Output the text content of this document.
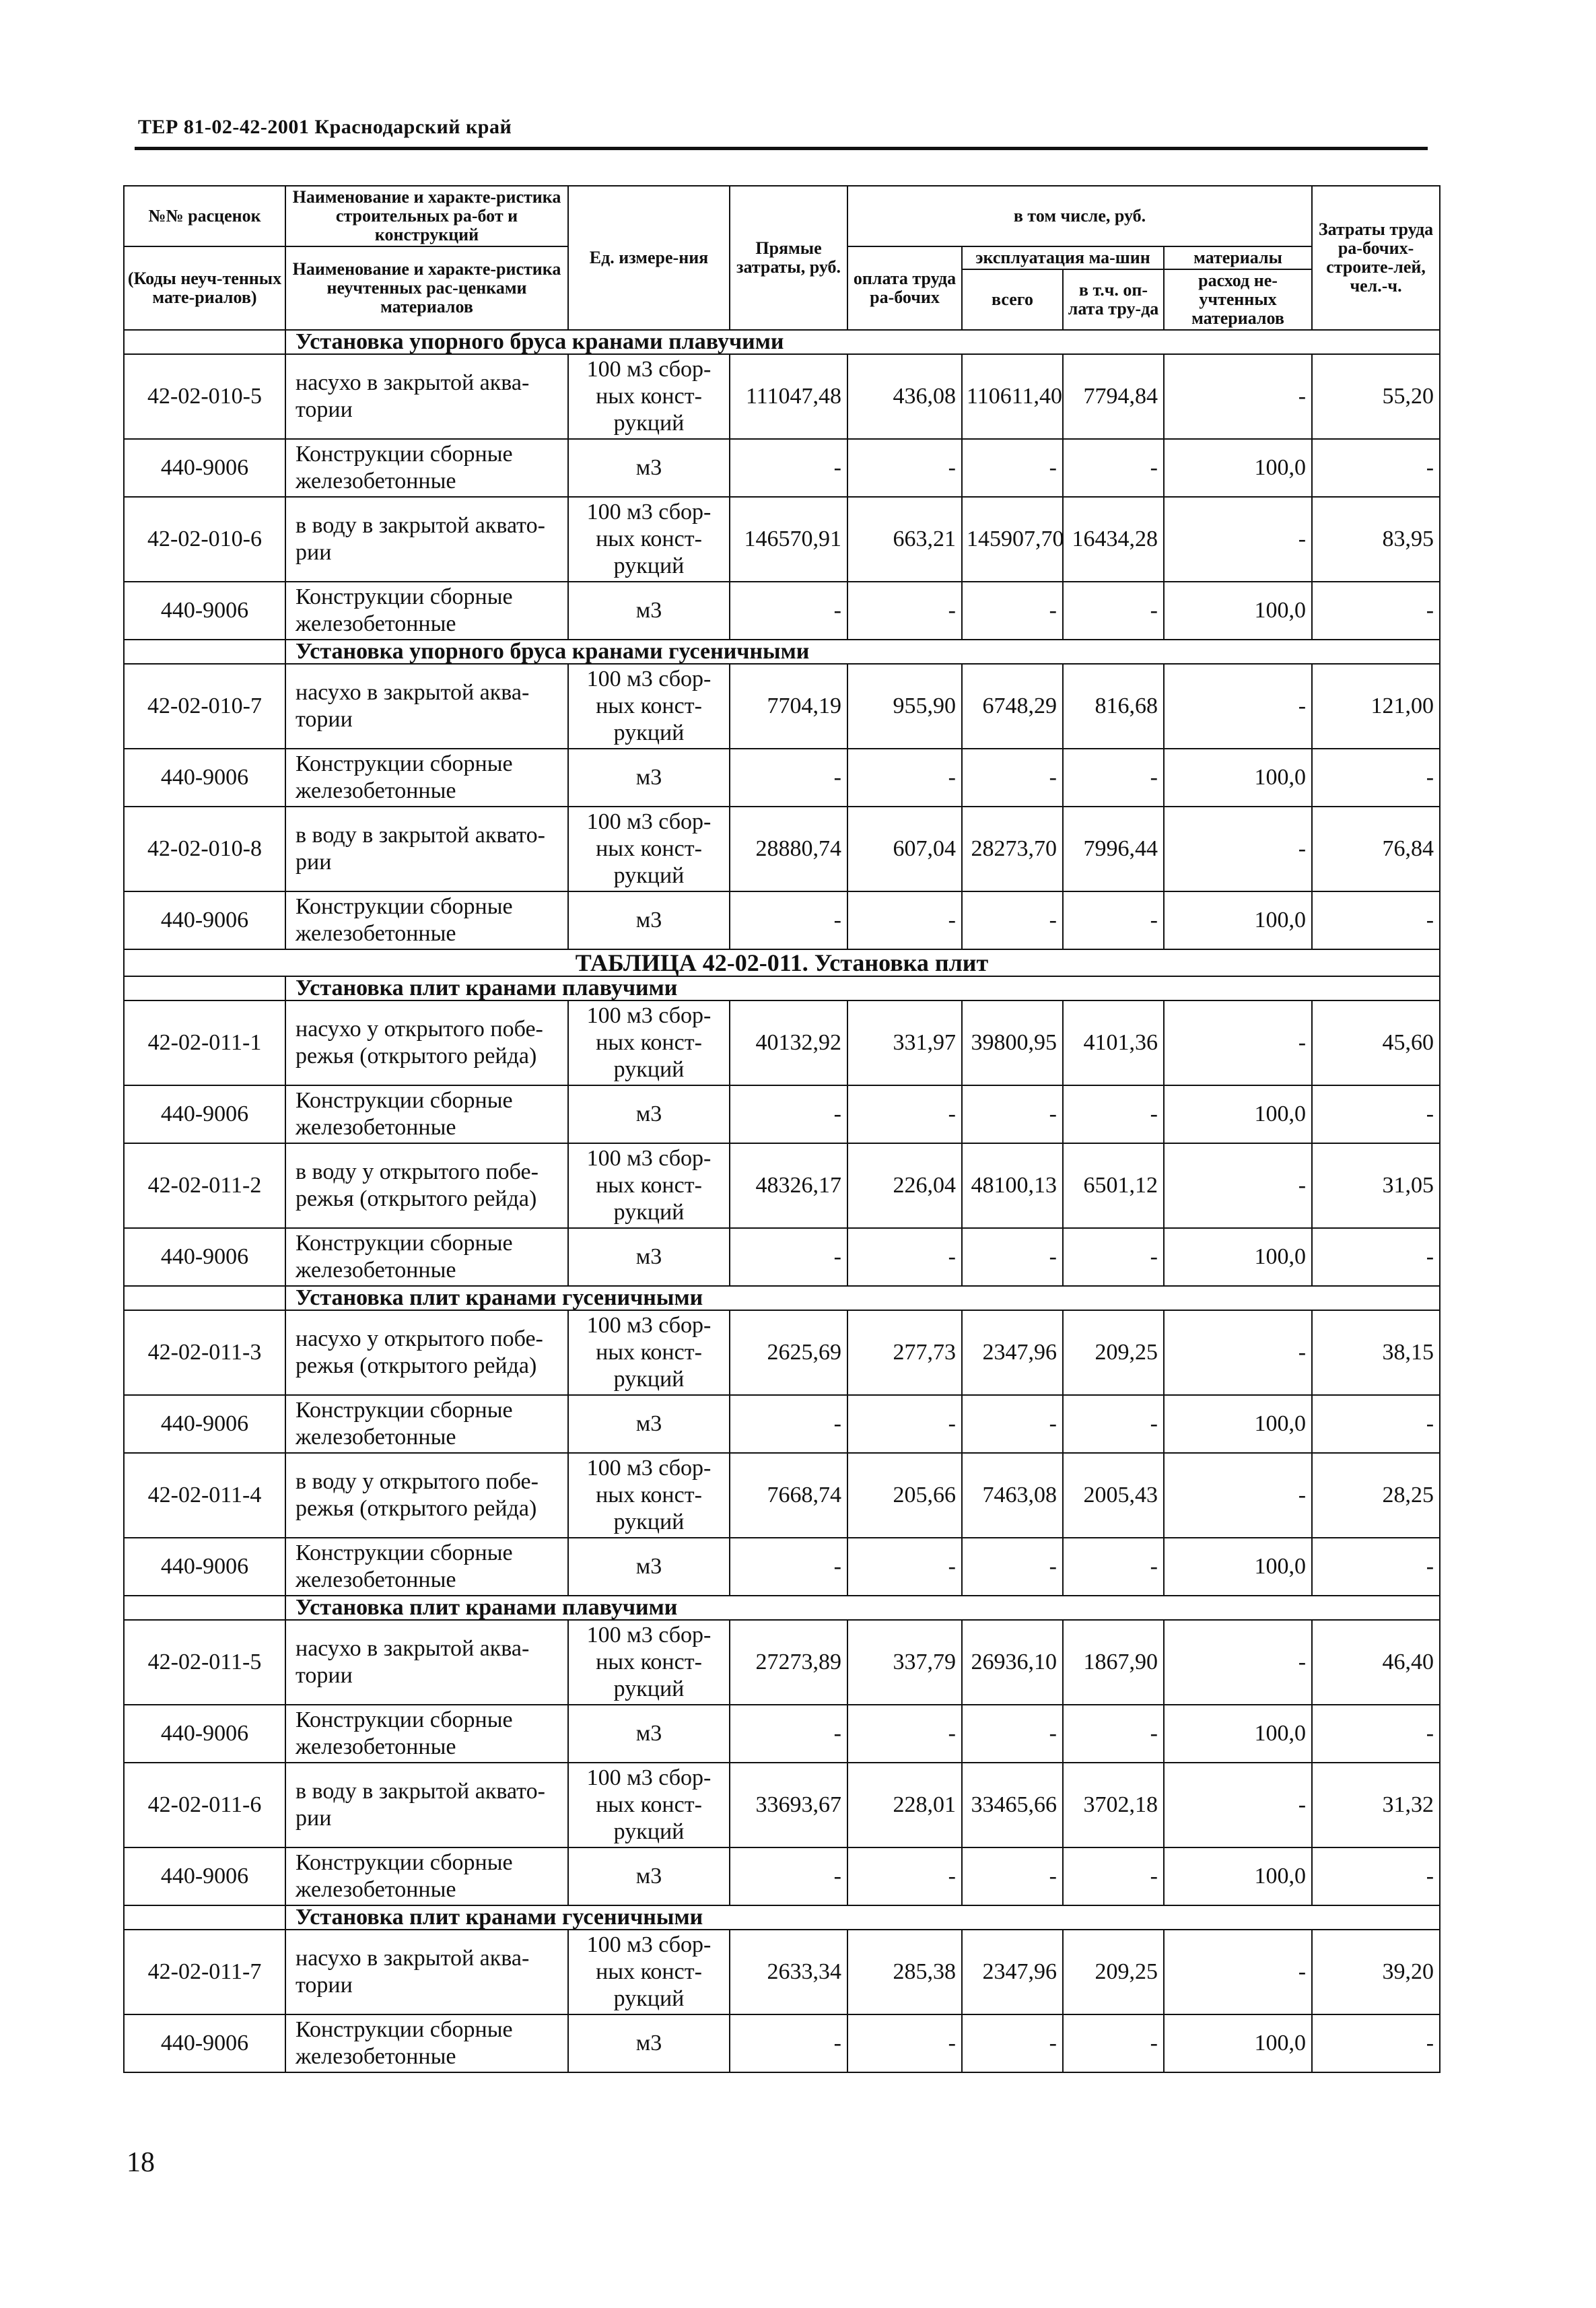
ТЕР 81-02-42-2001 Краснодарский край
№№ расценок	Наименование и характе-ристика строительных ра-бот и конструкций	Ед. измере-ния	Прямые затраты, руб.	в том числе, руб.				Затраты труда ра-бочих-строите-лей, чел.-ч.
(Коды неуч-тенных мате-риалов)	Наименование и характе-ристика неучтенных рас-ценками материалов			оплата труда ра-бочих	эксплуатация ма-шин		материалы	
					всего	в т.ч. оп-лата тру-да	расход не-учтенных материалов	
	Установка упорного бруса кранами плавучими							
42-02-010-5	насухо в закрытой аква-тории	100 м3 сбор-ных конст-рукций	111047,48	436,08	110611,40	7794,84	-	55,20
440-9006	Конструкции сборные железобетонные	м3	-	-	-	-	100,0	-
42-02-010-6	в воду в закрытой аквато-рии	100 м3 сбор-ных конст-рукций	146570,91	663,21	145907,70	16434,28	-	83,95
440-9006	Конструкции сборные железобетонные	м3	-	-	-	-	100,0	-
	Установка упорного бруса кранами гусеничными							
42-02-010-7	насухо в закрытой аква-тории	100 м3 сбор-ных конст-рукций	7704,19	955,90	6748,29	816,68	-	121,00
440-9006	Конструкции сборные железобетонные	м3	-	-	-	-	100,0	-
42-02-010-8	в воду в закрытой аквато-рии	100 м3 сбор-ных конст-рукций	28880,74	607,04	28273,70	7996,44	-	76,84
440-9006	Конструкции сборные железобетонные	м3	-	-	-	-	100,0	-
ТАБЛИЦА 42-02-011. Установка плит								
	Установка плит кранами плавучими							
42-02-011-1	насухо у открытого побе-режья (открытого рейда)	100 м3 сбор-ных конст-рукций	40132,92	331,97	39800,95	4101,36	-	45,60
440-9006	Конструкции сборные железобетонные	м3	-	-	-	-	100,0	-
42-02-011-2	в воду у открытого побе-режья (открытого рейда)	100 м3 сбор-ных конст-рукций	48326,17	226,04	48100,13	6501,12	-	31,05
440-9006	Конструкции сборные железобетонные	м3	-	-	-	-	100,0	-
	Установка плит кранами гусеничными							
42-02-011-3	насухо у открытого побе-режья (открытого рейда)	100 м3 сбор-ных конст-рукций	2625,69	277,73	2347,96	209,25	-	38,15
440-9006	Конструкции сборные железобетонные	м3	-	-	-	-	100,0	-
42-02-011-4	в воду у открытого побе-режья (открытого рейда)	100 м3 сбор-ных конст-рукций	7668,74	205,66	7463,08	2005,43	-	28,25
440-9006	Конструкции сборные железобетонные	м3	-	-	-	-	100,0	-
	Установка плит кранами плавучими							
42-02-011-5	насухо в закрытой аква-тории	100 м3 сбор-ных конст-рукций	27273,89	337,79	26936,10	1867,90	-	46,40
440-9006	Конструкции сборные железобетонные	м3	-	-	-	-	100,0	-
42-02-011-6	в воду в закрытой аквато-рии	100 м3 сбор-ных конст-рукций	33693,67	228,01	33465,66	3702,18	-	31,32
440-9006	Конструкции сборные железобетонные	м3	-	-	-	-	100,0	-
	Установка плит кранами гусеничными							
42-02-011-7	насухо в закрытой аква-тории	100 м3 сбор-ных конст-рукций	2633,34	285,38	2347,96	209,25	-	39,20
440-9006	Конструкции сборные железобетонные	м3	-	-	-	-	100,0	-
18
